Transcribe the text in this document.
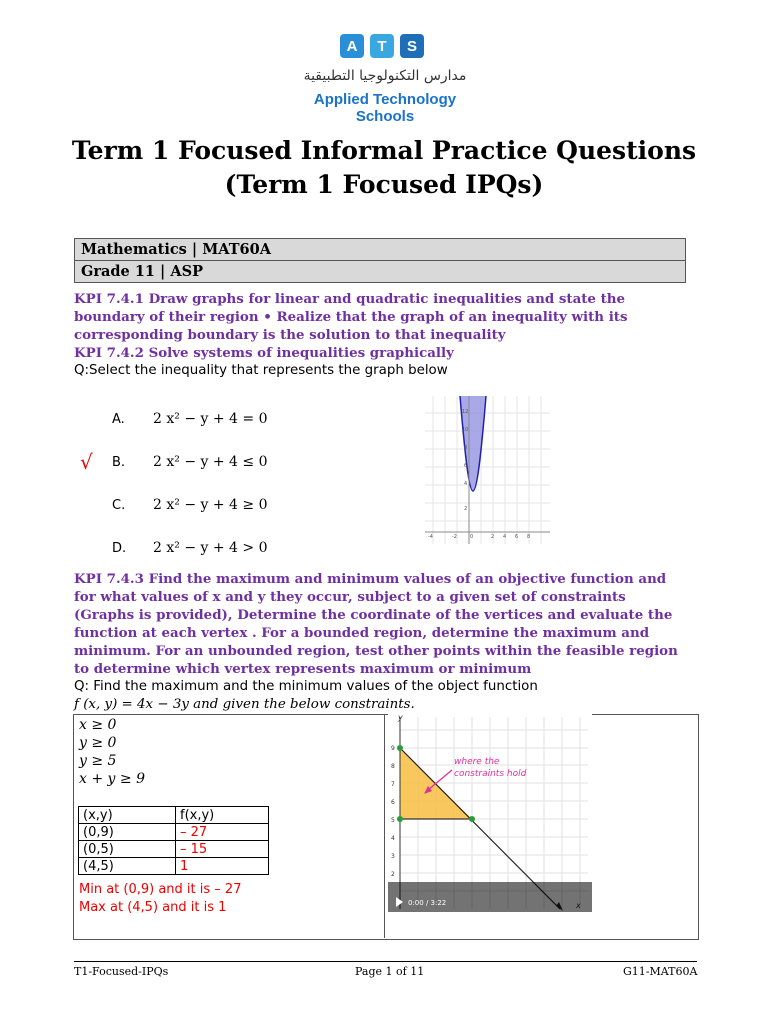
A	T	S
مدارس التكنولوجيا التطبيقية
Applied Technology Schools
Term 1 Focused Informal Practice Questions
(Term 1 Focused IPQs)
Mathematics | MAT60A
Grade 11 | ASP
KPI 7.4.1 Draw graphs for linear and quadratic inequalities and state the boundary of their region • Realize that the graph of an inequality with its corresponding boundary is the solution to that inequality
KPI 7.4.2 Solve systems of inequalities graphically
Q:Select the inequality that represents the graph below
√
A. 2 x² − y + 4 = 0
B. 2 x² − y + 4 ≤ 0
C. 2 x² − y + 4 ≥ 0
D. 2 x² − y + 4 > 0
12
10
8
6
4
2
-4	-2	0	2 4 6 8
KPI 7.4.3 Find the maximum and minimum values of an objective function and for what values of x and y they occur, subject to a given set of constraints (Graphs is provided), Determine the coordinate of the vertices and evaluate the function at each vertex . For a bounded region, determine the maximum and minimum. For an unbounded region, test other points within the feasible region to determine which vertex represents maximum or minimum
Q: Find the maximum and the minimum values of the object function
f (x, y) = 4x − 3y and given the below constraints.
x ≥ 0
y ≥ 0
y ≥ 5
x + y ≥ 9
(x,y)	f(x,y)
(0,9)	– 27
(0,5)	– 15
(4,5)	1
Min at (0,9) and it is – 27
Max at (4,5) and it is 1
9
8
7
6
5
4
3
2
y
where the
constraints hold
0:00 / 3:22
T1-Focused-IPQs	Page 1 of 11	G11-MAT60A
